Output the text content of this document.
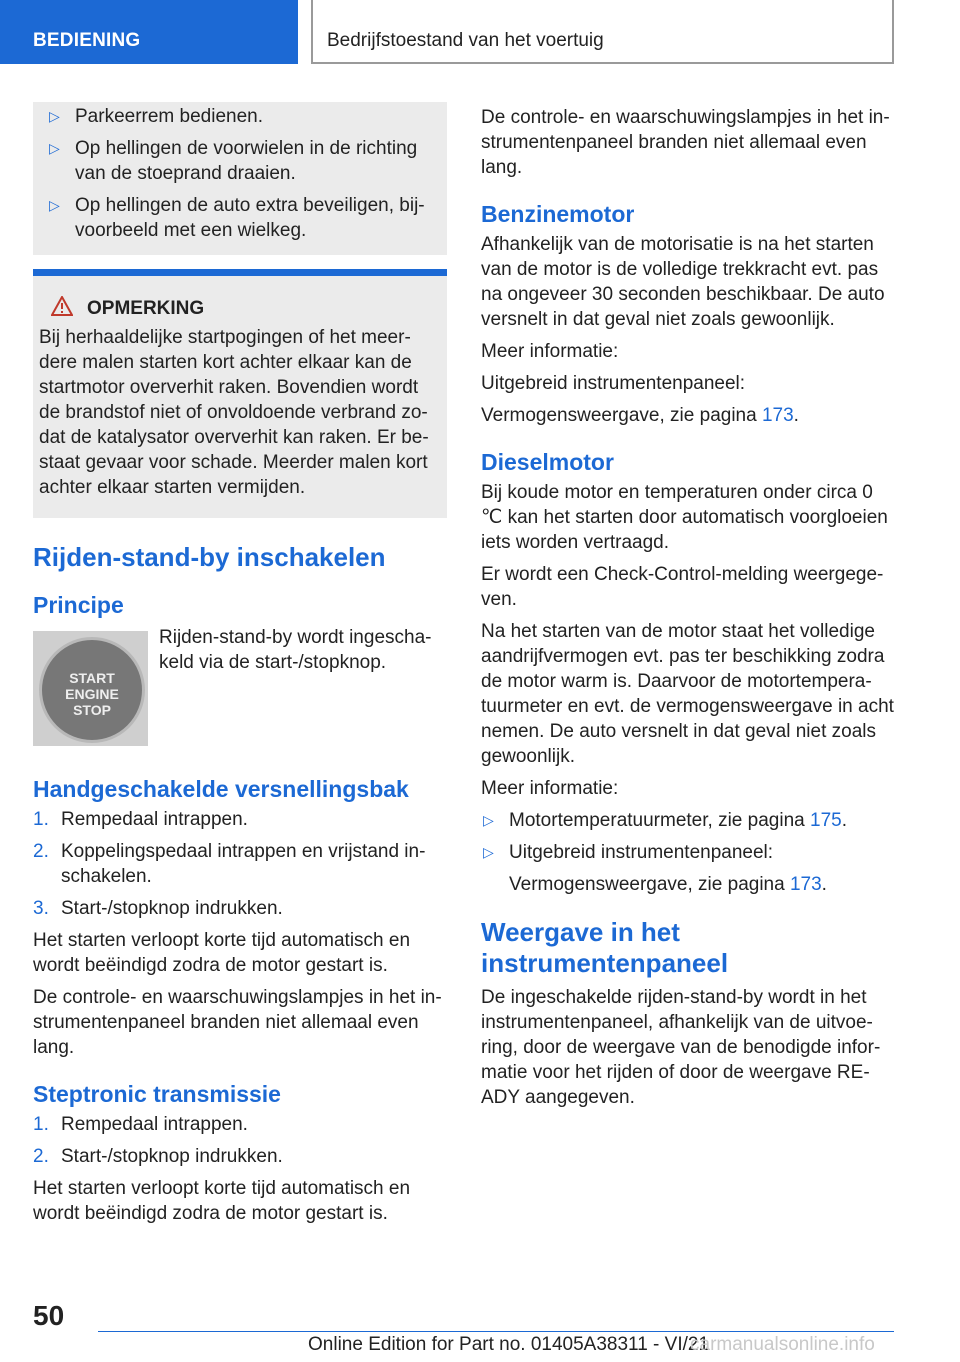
BEDIENING	Bedrijfstoestand van het voertuig
▷ Parkeerrem bedienen.
▷ Op hellingen de voorwielen in de richting van de stoeprand draaien.
▷ Op hellingen de auto extra beveiligen, bijvoorbeeld met een wielkeg.
OPMERKING
Bij herhaaldelijke startpogingen of het meerdere malen starten kort achter elkaar kan de startmotor oververhit raken. Bovendien wordt de brandstof niet of onvoldoende verbrand zodat de katalysator oververhit kan raken. Er bestaat gevaar voor schade. Meerder malen kort achter elkaar starten vermijden.
Rijden-stand-by inschakelen
Principe
START
ENGINE
STOP
Rijden-stand-by wordt ingeschakeld via de start-/stopknop.
Handgeschakelde versnellingsbak
1. Rempedaal intrappen.
2. Koppelingspedaal intrappen en vrijstand inschakelen.
3. Start-/stopknop indrukken.

Het starten verloopt korte tijd automatisch en wordt beëindigd zodra de motor gestart is.

De controle- en waarschuwingslampjes in het instrumentenpaneel branden niet allemaal even lang.

Steptronic transmissie
1. Rempedaal intrappen.
2. Start-/stopknop indrukken.

Het starten verloopt korte tijd automatisch en wordt beëindigd zodra de motor gestart is.

De controle- en waarschuwingslampjes in het instrumentenpaneel branden niet allemaal even lang.

Benzinemotor

Afhankelijk van de motorisatie is na het starten van de motor is de volledige trekkracht evt. pas na ongeveer 30 seconden beschikbaar. De auto versnelt in dat geval niet zoals gewoonlijk.

Meer informatie:

Uitgebreid instrumentenpaneel:

Vermogensweergave, zie pagina 173.

Dieselmotor

Bij koude motor en temperaturen onder circa 0 ℃ kan het starten door automatisch voorgloeien iets worden vertraagd.

Er wordt een Check-Control-melding weergegeven.

Na het starten van de motor staat het volledige aandrijfvermogen evt. pas ter beschikking zodra de motor warm is. Daarvoor de motortemperatuurmeter en evt. de vermogensweergave in acht nemen. De auto versnelt in dat geval niet zoals gewoonlijk.

Meer informatie:

▷ Motortemperatuurmeter, zie pagina 175.
▷ Uitgebreid instrumentenpaneel:

Vermogensweergave, zie pagina 173.

Weergave in het instrumentenpaneel

De ingeschakelde rijden-stand-by wordt in het instrumentenpaneel, afhankelijk van de uitvoering, door de weergave van de benodigde informatie voor het rijden of door de weergave READY aangegeven.

50
Online Edition for Part no. 01405A38311 - VI/21
carmanualsonline.info
